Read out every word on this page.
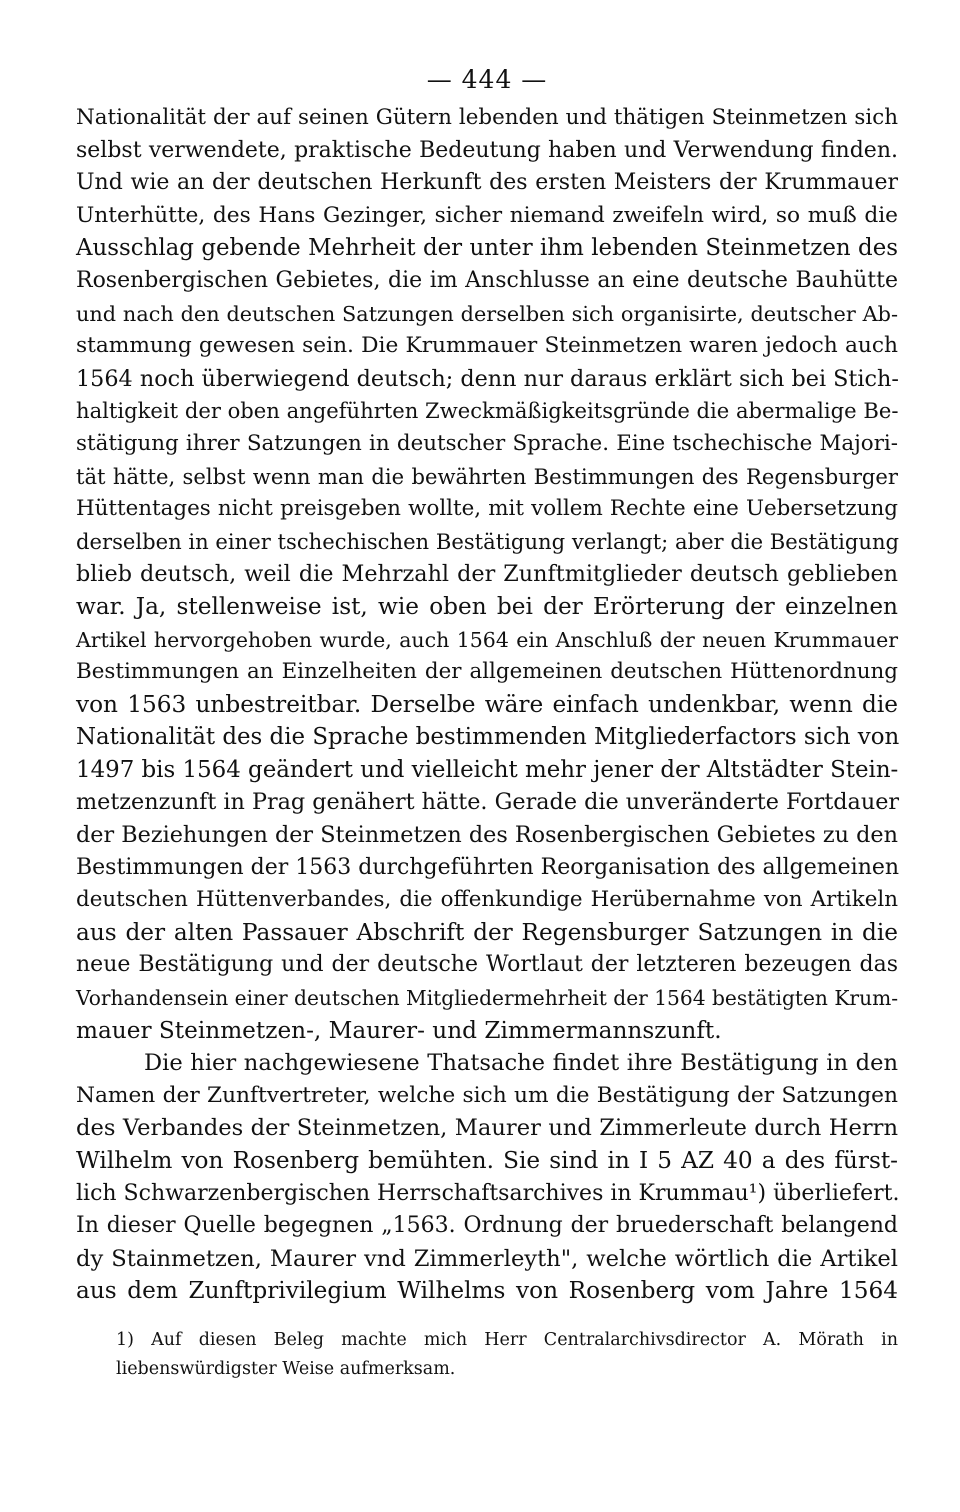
— 444 —
Nationalität der auf seinen Gütern lebenden und thätigen Steinmetzen sich
selbst verwendete, praktische Bedeutung haben und Verwendung finden.
Und wie an der deutschen Herkunft des ersten Meisters der Krummauer
Unterhütte, des Hans Gezinger, sicher niemand zweifeln wird, so muß die
Ausschlag gebende Mehrheit der unter ihm lebenden Steinmetzen des
Rosenbergischen Gebietes, die im Anschlusse an eine deutsche Bauhütte
und nach den deutschen Satzungen derselben sich organisirte, deutscher Ab-
stammung gewesen sein. Die Krummauer Steinmetzen waren jedoch auch
1564 noch überwiegend deutsch; denn nur daraus erklärt sich bei Stich-
haltigkeit der oben angeführten Zweckmäßigkeitsgründe die abermalige Be-
stätigung ihrer Satzungen in deutscher Sprache. Eine tschechische Majori-
tät hätte, selbst wenn man die bewährten Bestimmungen des Regensburger
Hüttentages nicht preisgeben wollte, mit vollem Rechte eine Uebersetzung
derselben in einer tschechischen Bestätigung verlangt; aber die Bestätigung
blieb deutsch, weil die Mehrzahl der Zunftmitglieder deutsch geblieben
war. Ja, stellenweise ist, wie oben bei der Erörterung der einzelnen
Artikel hervorgehoben wurde, auch 1564 ein Anschluß der neuen Krummauer
Bestimmungen an Einzelheiten der allgemeinen deutschen Hüttenordnung
von 1563 unbestreitbar. Derselbe wäre einfach undenkbar, wenn die
Nationalität des die Sprache bestimmenden Mitgliederfactors sich von
1497 bis 1564 geändert und vielleicht mehr jener der Altstädter Stein-
metzenzunft in Prag genähert hätte. Gerade die unveränderte Fortdauer
der Beziehungen der Steinmetzen des Rosenbergischen Gebietes zu den
Bestimmungen der 1563 durchgeführten Reorganisation des allgemeinen
deutschen Hüttenverbandes, die offenkundige Herübernahme von Artikeln
aus der alten Passauer Abschrift der Regensburger Satzungen in die
neue Bestätigung und der deutsche Wortlaut der letzteren bezeugen das
Vorhandensein einer deutschen Mitgliedermehrheit der 1564 bestätigten Krum-
mauer Steinmetzen-, Maurer- und Zimmermannszunft.
Die hier nachgewiesene Thatsache findet ihre Bestätigung in den
Namen der Zunftvertreter, welche sich um die Bestätigung der Satzungen
des Verbandes der Steinmetzen, Maurer und Zimmerleute durch Herrn
Wilhelm von Rosenberg bemühten. Sie sind in I 5 AZ 40 a des fürst-
lich Schwarzenbergischen Herrschaftsarchives in Krummau¹) überliefert.
In dieser Quelle begegnen „1563. Ordnung der bruederschaft belangend
dy Stainmetzen, Maurer vnd Zimmerleyth", welche wörtlich die Artikel
aus dem Zunftprivilegium Wilhelms von Rosenberg vom Jahre 1564
1) Auf diesen Beleg machte mich Herr Centralarchivsdirector A. Mörath in
liebenswürdigster Weise aufmerksam.
